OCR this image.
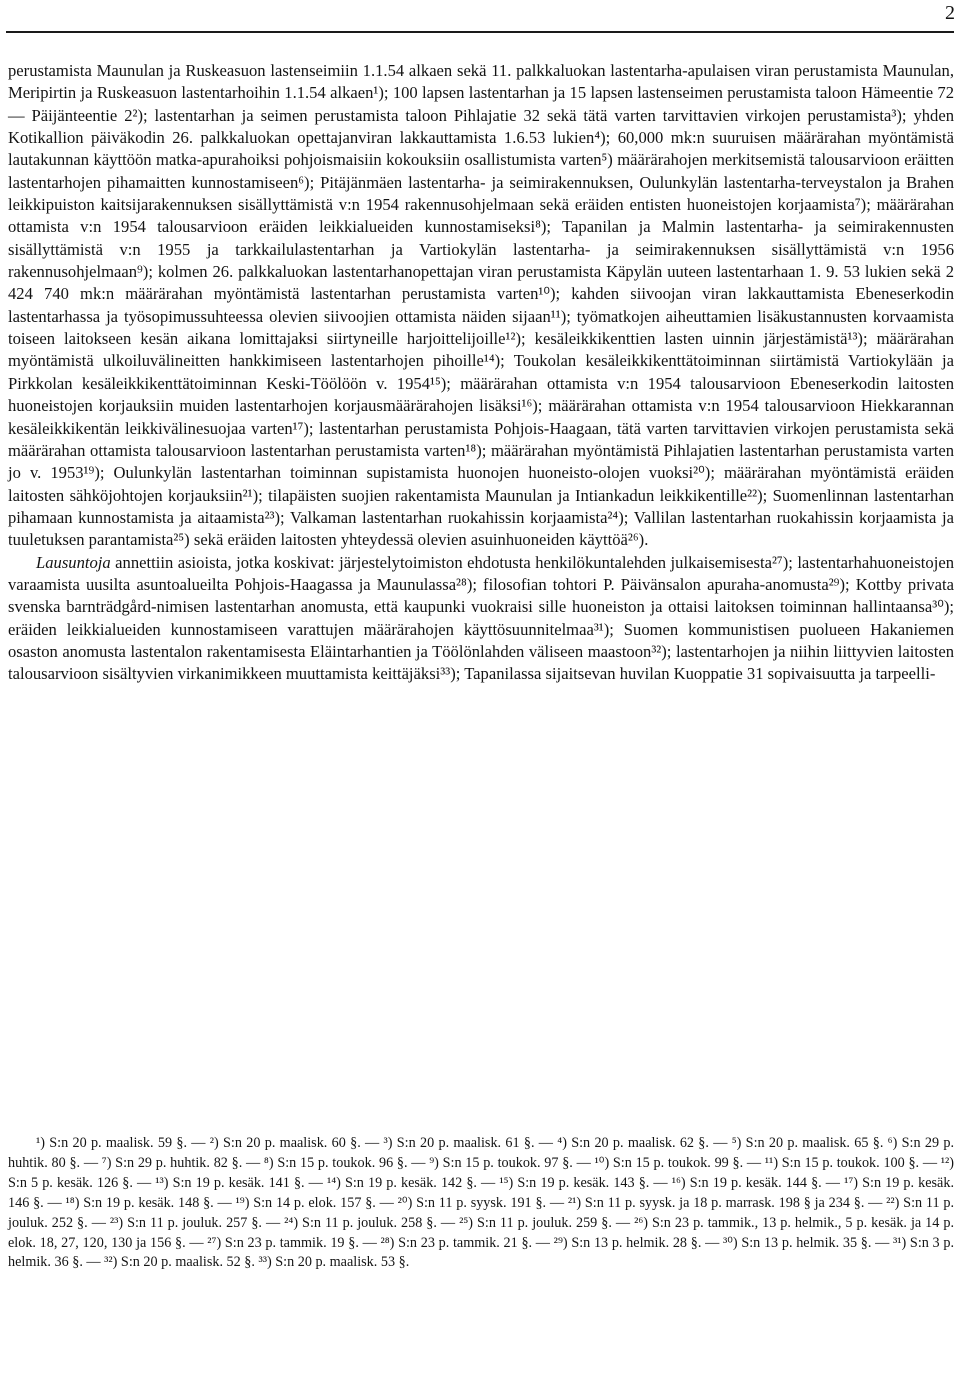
2

perustamista Maunulan ja Ruskeasuon lastenseimiin 1.1.54 alkaen sekä 11. palkkaluokan lastentarha-apulaisen viran perustamista Maunulan, Meripirtin ja Ruskeasuon lastentarhoihin 1.1.54 alkaen¹); 100 lapsen lastentarhan ja 15 lapsen lastenseimen perustamista taloon Hämeentie 72 — Päijänteentie 2²); lastentarhan ja seimen perustamista taloon Pihlajatie 32 sekä tätä varten tarvittavien virkojen perustamista³); yhden Kotikallion päiväkodin 26. palkkaluokan opettajanviran lakkauttamista 1.6.53 lukien⁴); 60,000 mk:n suuruisen määrärahan myöntämistä lautakunnan käyttöön matka-apurahoiksi pohjoismaisiin kokouksiin osallistumista varten⁵) määrärahojen merkitsemistä talousarvioon eräitten lastentarhojen pihamaitten kunnostamiseen⁶); Pitäjänmäen lastentarha- ja seimirakennuksen, Oulunkylän lastentarha-terveystalon ja Brahen leikkipuiston kaitsijarakennuksen sisällyttämistä v:n 1954 rakennusohjelmaan sekä eräiden entisten huoneistojen korjaamista⁷); määrärahan ottamista v:n 1954 talousarvioon eräiden leikkialueiden kunnostamiseksi⁸); Tapanilan ja Malmin lastentarha- ja seimirakennusten sisällyttämistä v:n 1955 ja tarkkailulastentarhan ja Vartiokylän lastentarha- ja seimirakennuksen sisällyttämistä v:n 1956 rakennusohjelmaan⁹); kolmen 26. palkkaluokan lastentarhanopettajan viran perustamista Käpylän uuteen lastentarhaan 1. 9. 53 lukien sekä 2 424 740 mk:n määrärahan myöntämistä lastentarhan perustamista varten¹⁰); kahden siivoojan viran lakkauttamista Ebeneserkodin lastentarhassa ja työsopimussuhteessa olevien siivoojien ottamista näiden sijaan¹¹); työmatkojen aiheuttamien lisäkustannusten korvaamista toiseen laitokseen kesän aikana lomittajaksi siirtyneille harjoittelijoille¹²); kesäleikkikenttien lasten uinnin järjestämistä¹³); määrärahan myöntämistä ulkoiluvälineitten hankkimiseen lastentarhojen pihoille¹⁴); Toukolan kesäleikkikenttätoiminnan siirtämistä Vartiokylään ja Pirkkolan kesäleikkikenttätoiminnan Keski-Töölöön v. 1954¹⁵); määrärahan ottamista v:n 1954 talousarvioon Ebeneserkodin laitosten huoneistojen korjauksiin muiden lastentarhojen korjausmäärärahojen lisäksi¹⁶); määrärahan ottamista v:n 1954 talousarvioon Hiekkarannan kesäleikkikentän leikkivälinesuojaa varten¹⁷); lastentarhan perustamista Pohjois-Haagaan, tätä varten tarvittavien virkojen perustamista sekä määrärahan ottamista talousarvioon lastentarhan perustamista varten¹⁸); määrärahan myöntämistä Pihlajatien lastentarhan perustamista varten jo v. 1953¹⁹); Oulunkylän lastentarhan toiminnan supistamista huonojen huoneisto-olojen vuoksi²⁰); määrärahan myöntämistä eräiden laitosten sähköjohtojen korjauksiin²¹); tilapäisten suojien rakentamista Maunulan ja Intiankadun leikkikentille²²); Suomenlinnan lastentarhan pihamaan kunnostamista ja aitaamista²³); Valkaman lastentarhan ruokahissin korjaamista²⁴); Vallilan lastentarhan ruokahissin korjaamista ja tuuletuksen parantamista²⁵) sekä eräiden laitosten yhteydessä olevien asuinhuoneiden käyttöä²⁶).

Lausuntoja annettiin asioista, jotka koskivat: järjestelytoimiston ehdotusta henkilökuntalehden julkaisemisesta²⁷); lastentarhahuoneistojen varaamista uusilta asuntoalueilta Pohjois-Haagassa ja Maunulassa²⁸); filosofian tohtori P. Päivänsalon apuraha-anomusta²⁹); Kottby privata svenska barnträdgård-nimisen lastentarhan anomusta, että kaupunki vuokraisi sille huoneiston ja ottaisi laitoksen toiminnan hallintaansa³⁰); eräiden leikkialueiden kunnostamiseen varattujen määrärahojen käyttösuunnitelmaa³¹); Suomen kommunistisen puolueen Hakaniemen osaston anomusta lastentalon rakentamisesta Eläintarhantien ja Töölönlahden väliseen maastoon³²); lastentarhojen ja niihin liittyvien laitosten talousarvioon sisältyvien virkanimikkeen muuttamista keittäjäksi³³); Tapanilassa sijaitsevan huvilan Kuoppatie 31 sopivaisuutta ja tarpeelli-

¹) S:n 20 p. maalisk. 59 §. — ²) S:n 20 p. maalisk. 60 §. — ³) S:n 20 p. maalisk. 61 §. — ⁴) S:n 20 p. maalisk. 62 §. — ⁵) S:n 20 p. maalisk. 65 §. ⁶) S:n 29 p. huhtik. 80 §. — ⁷) S:n 29 p. huhtik. 82 §. — ⁸) S:n 15 p. toukok. 96 §. — ⁹) S:n 15 p. toukok. 97 §. — ¹⁰) S:n 15 p. toukok. 99 §. — ¹¹) S:n 15 p. toukok. 100 §. — ¹²) S:n 5 p. kesäk. 126 §. — ¹³) S:n 19 p. kesäk. 141 §. — ¹⁴) S:n 19 p. kesäk. 142 §. — ¹⁵) S:n 19 p. kesäk. 143 §. — ¹⁶) S:n 19 p. kesäk. 144 §. — ¹⁷) S:n 19 p. kesäk. 146 §. — ¹⁸) S:n 19 p. kesäk. 148 §. — ¹⁹) S:n 14 p. elok. 157 §. — ²⁰) S:n 11 p. syysk. 191 §. — ²¹) S:n 11 p. syysk. ja 18 p. marrask. 198 § ja 234 §. — ²²) S:n 11 p. jouluk. 252 §. — ²³) S:n 11 p. jouluk. 257 §. — ²⁴) S:n 11 p. jouluk. 258 §. — ²⁵) S:n 11 p. jouluk. 259 §. — ²⁶) S:n 23 p. tammik., 13 p. helmik., 5 p. kesäk. ja 14 p. elok. 18, 27, 120, 130 ja 156 §. — ²⁷) S:n 23 p. tammik. 19 §. — ²⁸) S:n 23 p. tammik. 21 §. — ²⁹) S:n 13 p. helmik. 28 §. — ³⁰) S:n 13 p. helmik. 35 §. — ³¹) S:n 3 p. helmik. 36 §. — ³²) S:n 20 p. maalisk. 52 §. ³³) S:n 20 p. maalisk. 53 §.
